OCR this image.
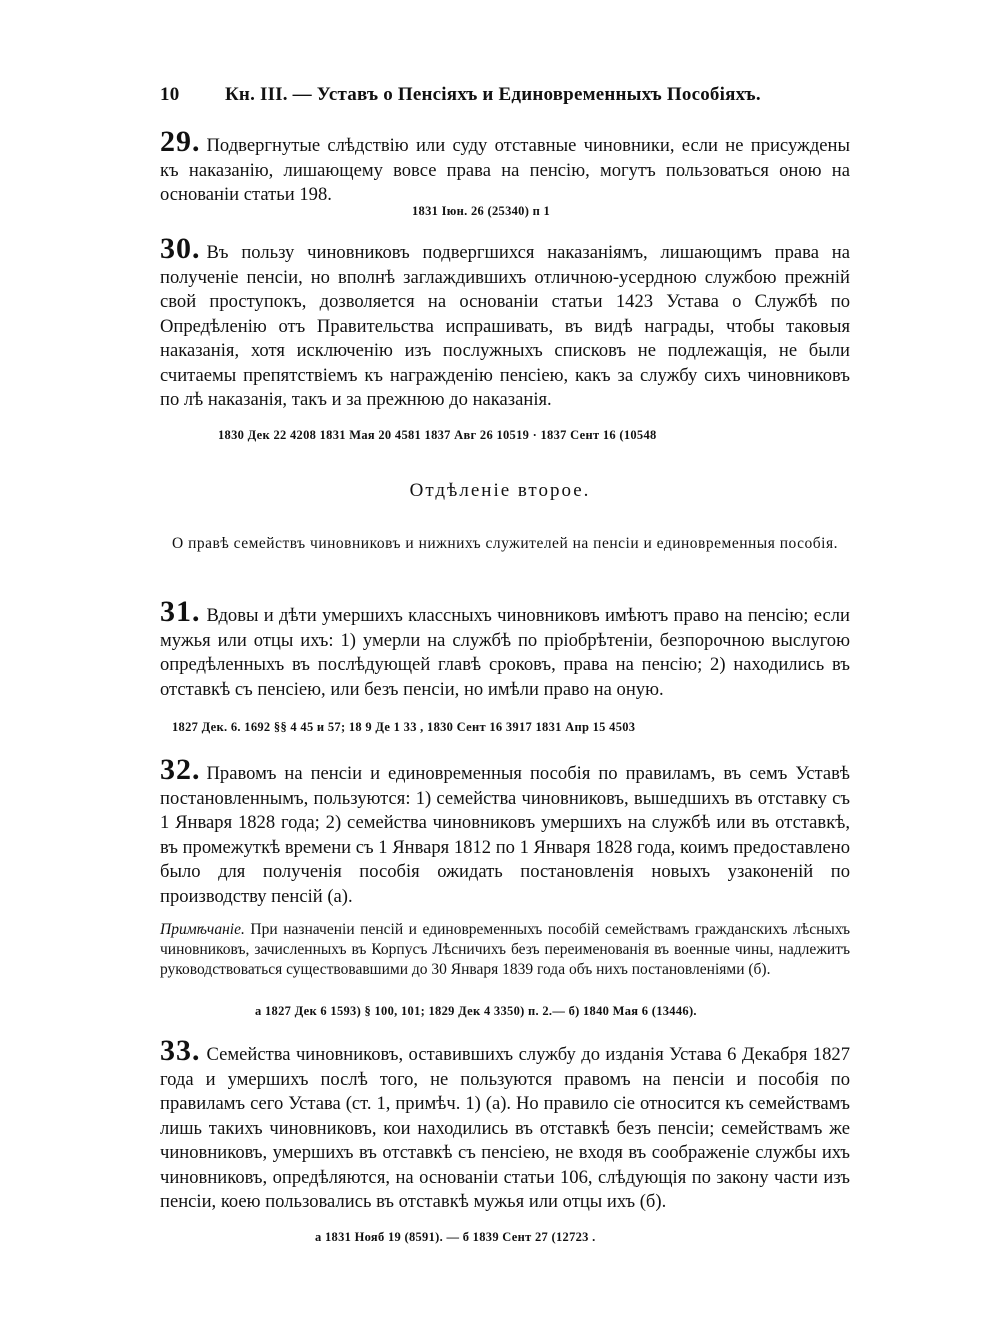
10 Кн. III. — Уставъ о Пенсіяхъ и Единовременныхъ Пособіяхъ.
29. Подвергнутые слѣдствію или суду отставные чиновники, если не присуждены къ наказанію, лишающему вовсе права на пенсію, могутъ пользоваться оною на основаніи статьи 198.
1831 Іюн. 26 (25340) п 1
30. Въ пользу чиновниковъ подвергшихся наказаніямъ, лишающимъ права на полученіе пенсіи, но вполнѣ заглаждившихъ отличною-усердною службою прежній свой проступокъ, дозволяется на основаніи статьи 1423 Устава о Службѣ по Опредѣленію отъ Правительства испрашивать, въ видѣ награды, чтобы таковыя наказанія, хотя исключенію изъ послужныхъ списковъ не подлежащія, не были считаемы препятствіемъ къ награжденію пенсіею, какъ за службу сихъ чиновниковъ по лѣ наказанія, такъ и за прежнюю до наказанія.
1830 Дек 22 4208 1831 Мая 20 4581 1837 Авг 26 10519 · 1837 Сент 16 (10548
Отдѣленіе второе.
О правѣ семействъ чиновниковъ и нижнихъ служителей на пенсіи и единовременныя пособія.
31. Вдовы и дѣти умершихъ классныхъ чиновниковъ имѣютъ право на пенсію; если мужья или отцы ихъ: 1) умерли на службѣ по пріобрѣтеніи, безпорочною выслугою опредѣленныхъ въ послѣдующей главѣ сроковъ, права на пенсію; 2) находились въ отставкѣ съ пенсіею, или безъ пенсіи, но имѣли право на оную.
1827 Дек. 6. 1692 §§ 4 45 и 57; 18 9 Де 1 33 , 1830 Сент 16 3917 1831 Апр 15 4503
32. Правомъ на пенсіи и единовременныя пособія по правиламъ, въ семъ Уставѣ постановленнымъ, пользуются: 1) семейства чиновниковъ, вышедшихъ въ отставку съ 1 Января 1828 года; 2) семейства чиновниковъ умершихъ на службѣ или въ отставкѣ, въ промежуткѣ времени съ 1 Января 1812 по 1 Января 1828 года, коимъ предоставлено было для полученія пособія ожидать постановленія новыхъ узаконеній по производству пенсій (а).
Примѣчаніе. При назначеніи пенсій и единовременныхъ пособій семействамъ гражданскихъ лѣсныхъ чиновниковъ, зачисленныхъ въ Корпусъ Лѣсничихъ безъ переименованія въ военные чины, надлежитъ руководствоваться существовавшими до 30 Января 1839 года объ нихъ постановленіями (б).
а 1827 Дек 6 1593) § 100, 101; 1829 Дек 4 3350) п. 2.— б) 1840 Мая 6 (13446).
33. Семейства чиновниковъ, оставившихъ службу до изданія Устава 6 Декабря 1827 года и умершихъ послѣ того, не пользуются правомъ на пенсіи и пособія по правиламъ сего Устава (ст. 1, примѣч. 1) (а). Но правило сіе относится къ семействамъ лишь такихъ чиновниковъ, кои находились въ отставкѣ безъ пенсіи; семействамъ же чиновниковъ, умершихъ въ отставкѣ съ пенсіею, не входя въ соображеніе службы ихъ чиновниковъ, опредѣляются, на основаніи статьи 106, слѣдующія по закону части изъ пенсіи, коею пользовались въ отставкѣ мужья или отцы ихъ (б).
а 1831 Нояб 19 (8591). — б 1839 Сент 27 (12723 .
